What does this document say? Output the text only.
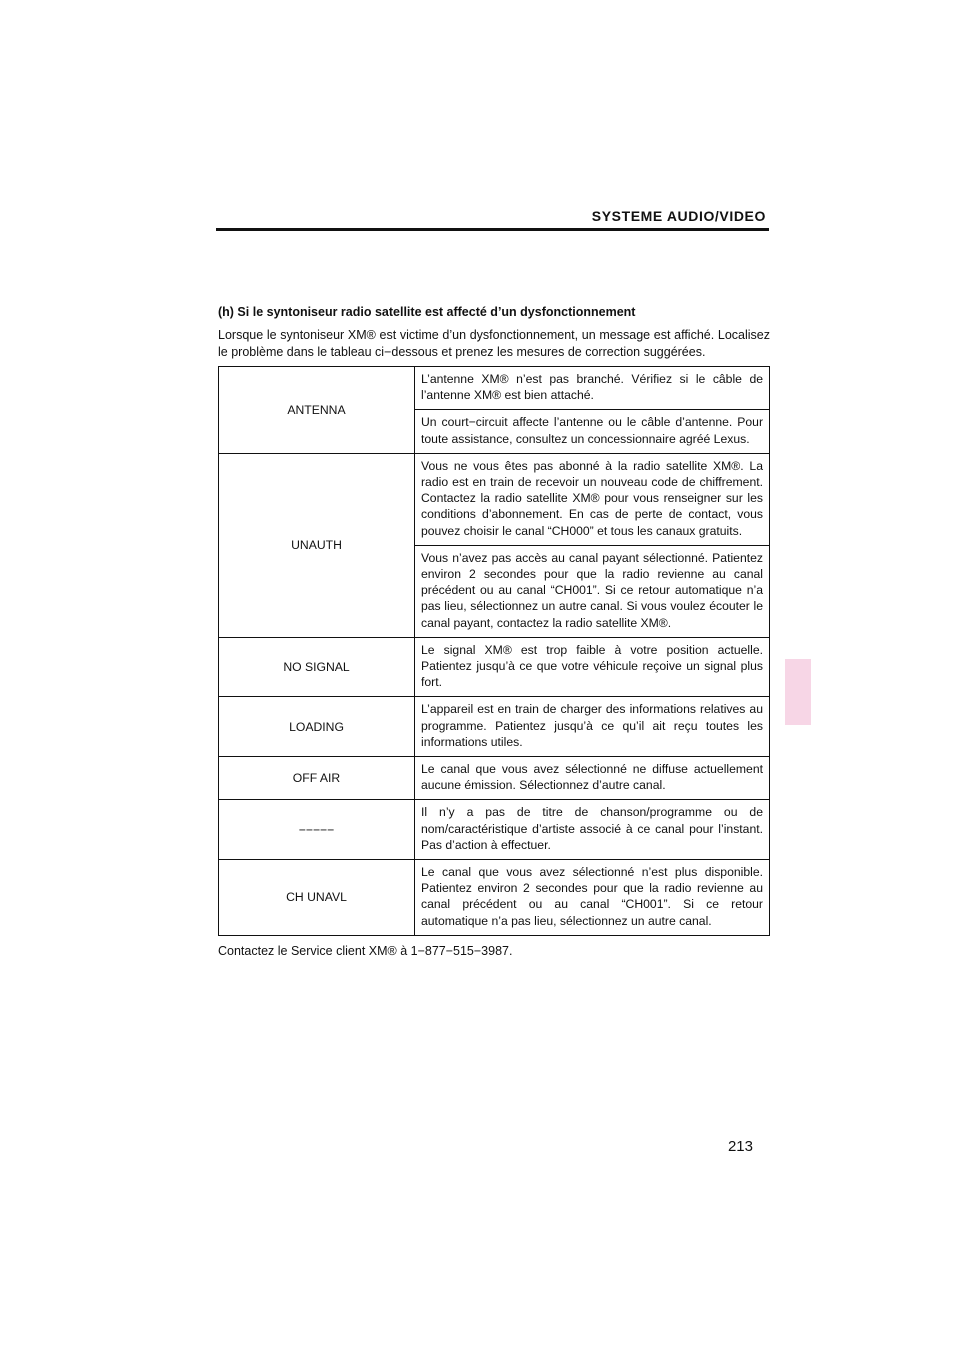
SYSTEME AUDIO/VIDEO

(h) Si le syntoniseur radio satellite est affecté d’un dysfonctionnement

Lorsque le syntoniseur XM® est victime d’un dysfonctionnement, un message est affiché. Localisez le problème dans le tableau ci−dessous et prenez les mesures de correction suggérées.

ANTENNA	L’antenne XM® n’est pas branché. Vérifiez si le câble de l’antenne XM® est bien attaché.
	Un court−circuit affecte l’antenne ou le câble d’antenne. Pour toute assistance, consultez un concessionnaire agréé Lexus.
UNAUTH	Vous ne vous êtes pas abonné à la radio satellite XM®. La radio est en train de recevoir un nouveau code de chiffrement. Contactez la radio satellite XM® pour vous renseigner sur les conditions d’abonnement. En cas de perte de contact, vous pouvez choisir le canal “CH000” et tous les canaux gratuits.
	Vous n’avez pas accès au canal payant sélectionné. Patientez environ 2 secondes pour que la radio revienne au canal précédent ou au canal “CH001”. Si ce retour automatique n’a pas lieu, sélectionnez un autre canal. Si vous voulez écouter le canal payant, contactez la radio satellite XM®.
NO SIGNAL	Le signal XM® est trop faible à votre position actuelle. Patientez jusqu’à ce que votre véhicule reçoive un signal plus fort.
LOADING	L’appareil est en train de charger des informations relatives au programme. Patientez jusqu’à ce qu’il ait reçu toutes les informations utiles.
OFF AIR	Le canal que vous avez sélectionné ne diffuse actuellement aucune émission. Sélectionnez d’autre canal.
−−−−−	Il n’y a pas de titre de chanson/programme ou de nom/caractéristique d’artiste associé à ce canal pour l’instant. Pas d’action à effectuer.
CH UNAVL	Le canal que vous avez sélectionné n’est plus disponible. Patientez environ 2 secondes pour que la radio revienne au canal précédent ou au canal “CH001”. Si ce retour automatique n’a pas lieu, sélectionnez un autre canal.
Contactez le Service client XM® à 1−877−515−3987.
213
